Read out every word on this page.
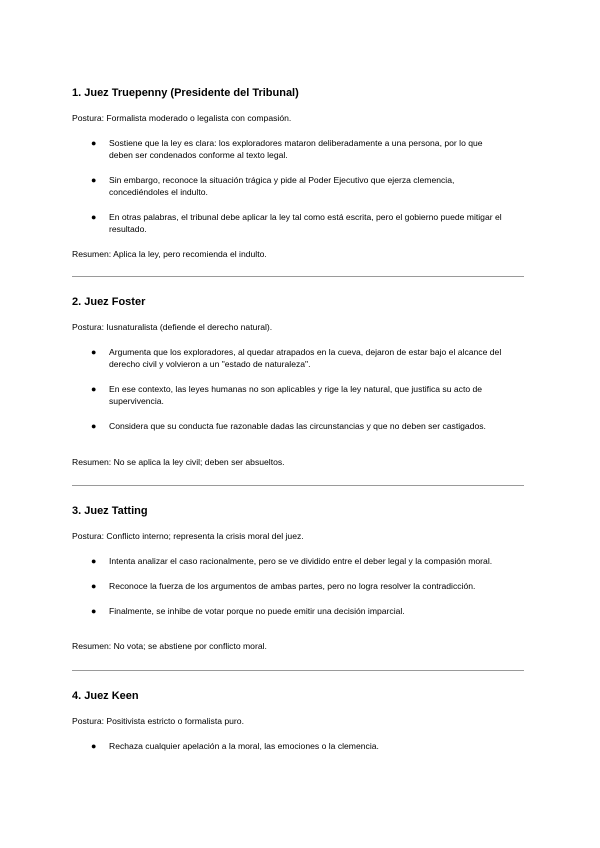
1. Juez Truepenny (Presidente del Tribunal)

Postura: Formalista moderado o legalista con compasión.

● Sostiene que la ley es clara: los exploradores mataron deliberadamente a una persona, por lo que
deben ser condenados conforme al texto legal.
● Sin embargo, reconoce la situación trágica y pide al Poder Ejecutivo que ejerza clemencia,
concediéndoles el indulto.
● En otras palabras, el tribunal debe aplicar la ley tal como está escrita, pero el gobierno puede mitigar el
resultado.

Resumen: Aplica la ley, pero recomienda el indulto.

2. Juez Foster

Postura: Iusnaturalista (defiende el derecho natural).

● Argumenta que los exploradores, al quedar atrapados en la cueva, dejaron de estar bajo el alcance del
derecho civil y volvieron a un "estado de naturaleza".
● En ese contexto, las leyes humanas no son aplicables y rige la ley natural, que justifica su acto de
supervivencia.
● Considera que su conducta fue razonable dadas las circunstancias y que no deben ser castigados.

Resumen: No se aplica la ley civil; deben ser absueltos.

3. Juez Tatting

Postura: Conflicto interno; representa la crisis moral del juez.

● Intenta analizar el caso racionalmente, pero se ve dividido entre el deber legal y la compasión moral.
● Reconoce la fuerza de los argumentos de ambas partes, pero no logra resolver la contradicción.
● Finalmente, se inhibe de votar porque no puede emitir una decisión imparcial.

Resumen: No vota; se abstiene por conflicto moral.

4. Juez Keen

Postura: Positivista estricto o formalista puro.

● Rechaza cualquier apelación a la moral, las emociones o la clemencia.
